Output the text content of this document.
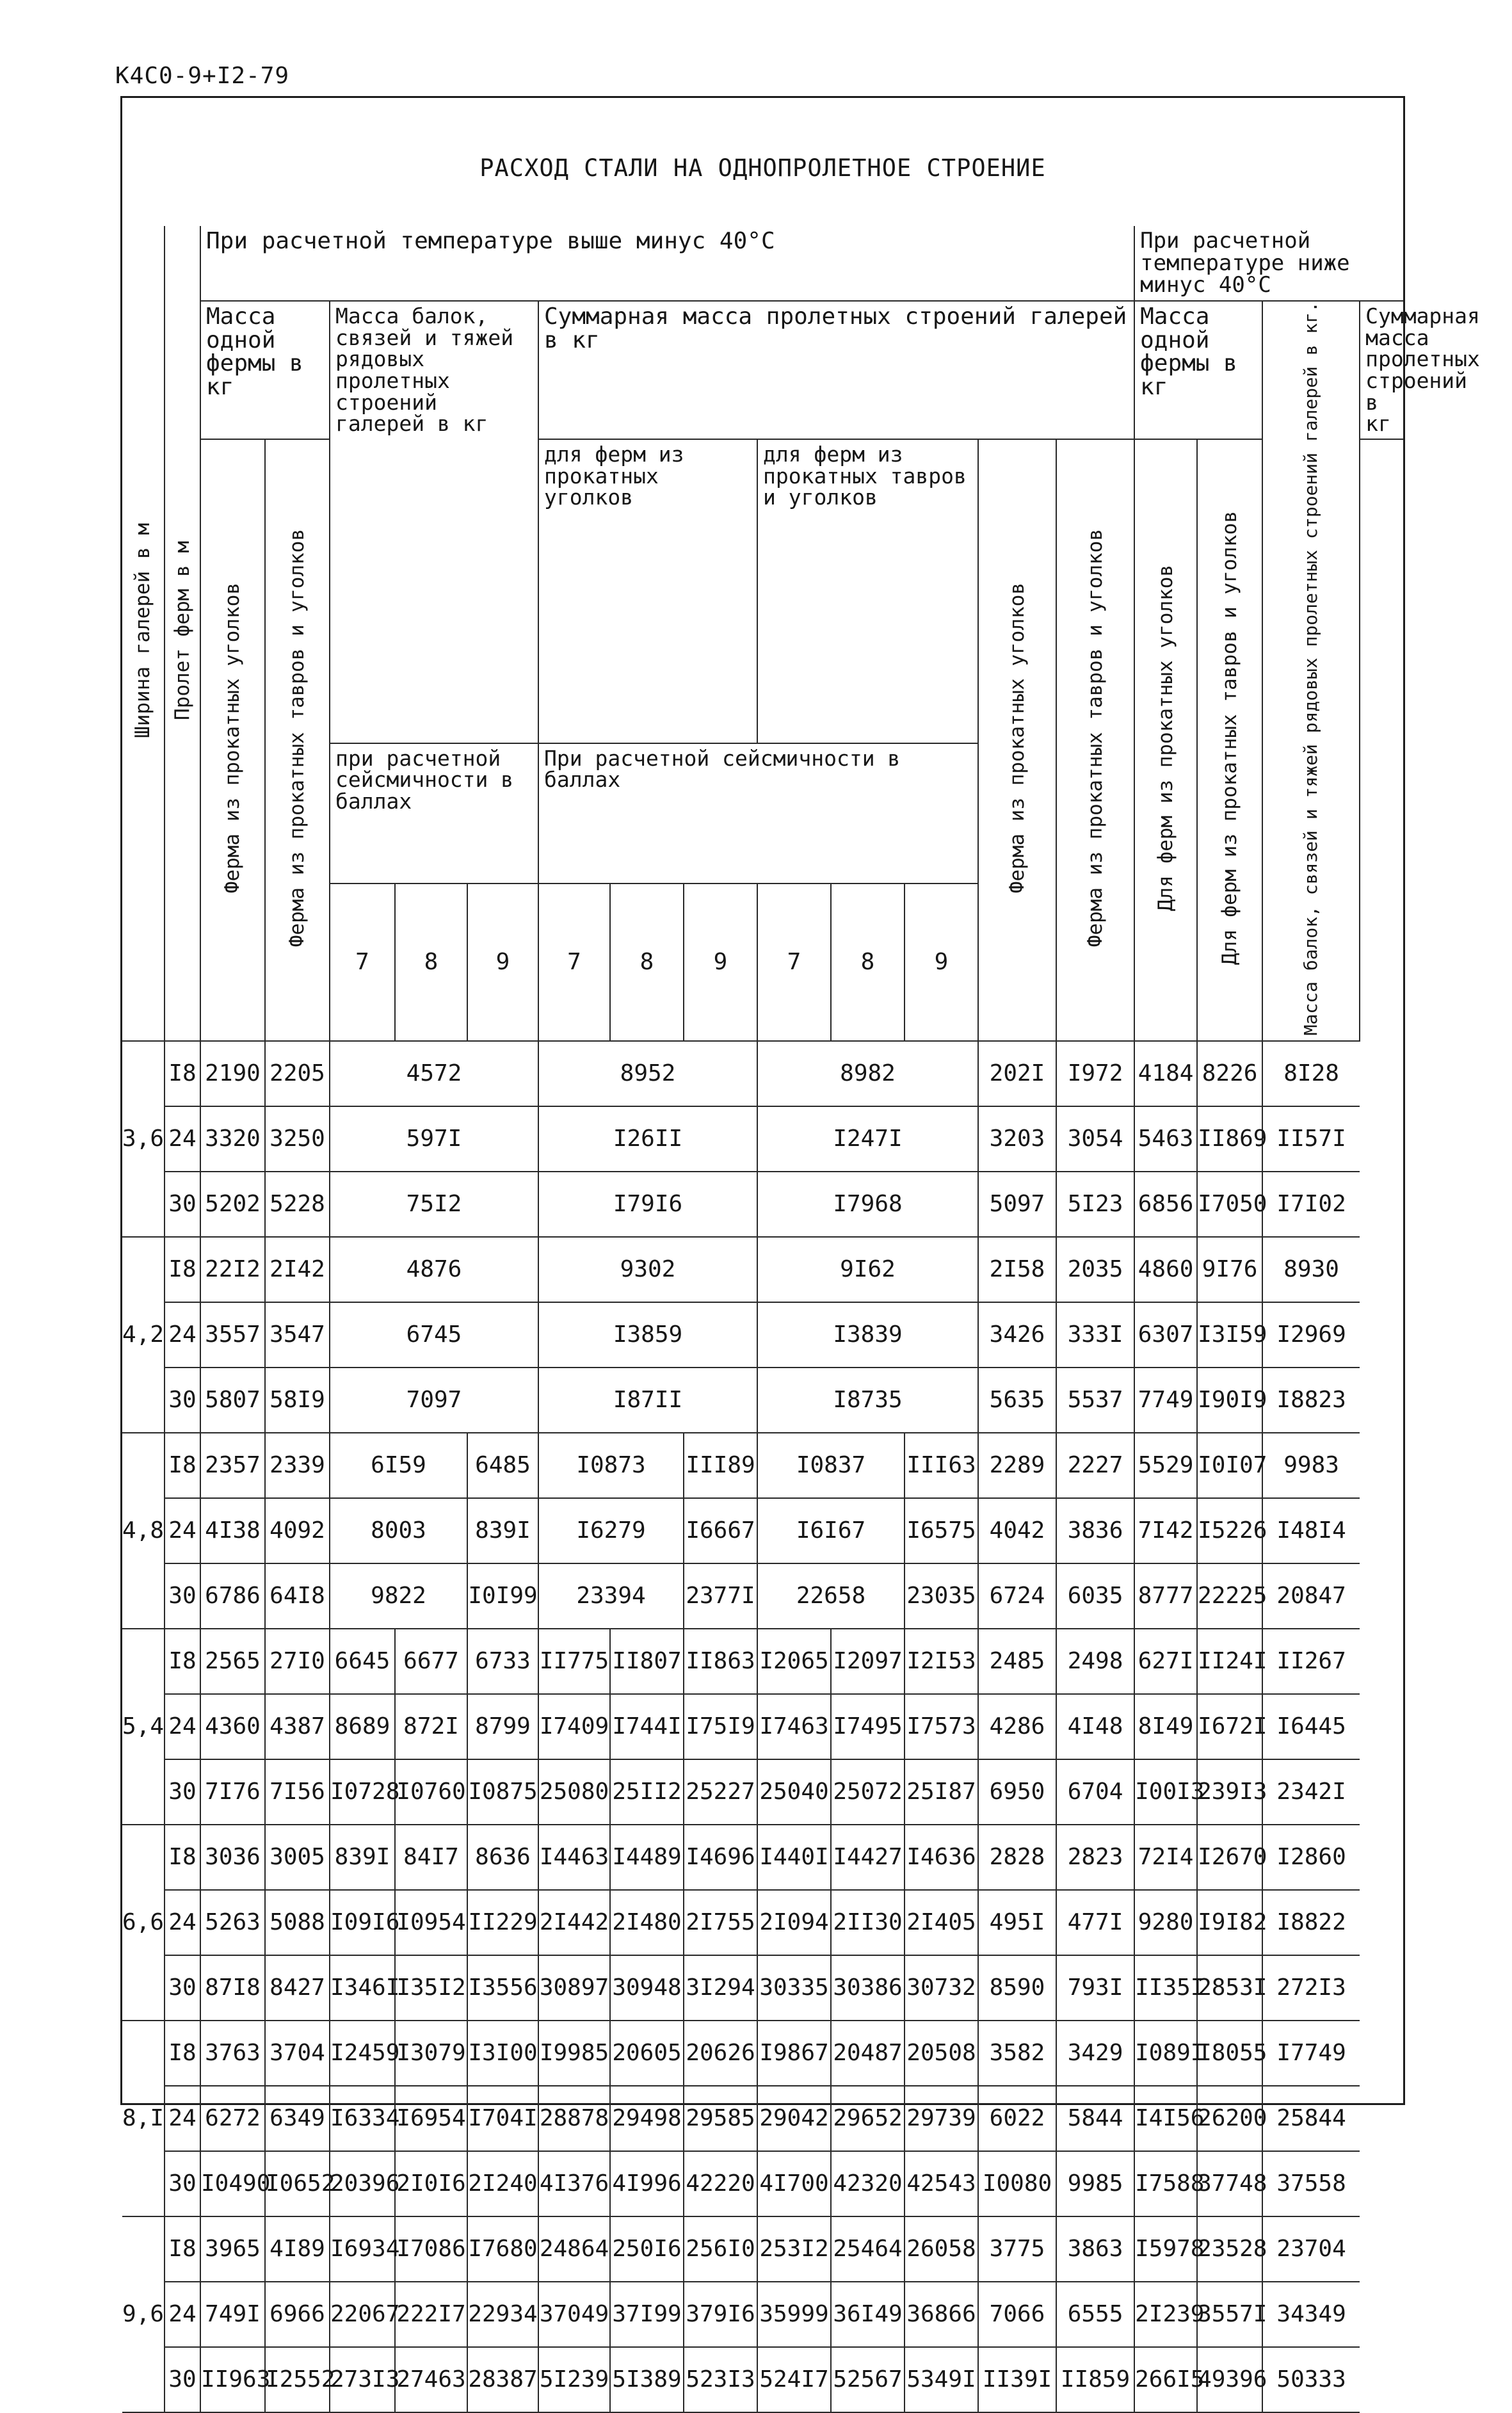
К4С0-9+I2-79
РАСХОД СТАЛИ НА ОДНОПРОЛЕТНОЕ СТРОЕНИЕ
Ширина галерей в м	Пролет ферм в м	При расчетной температуре выше минус 40°С													При расчетной температуре ниже минус 40°С			
		Масса одной фермы в кг		Масса балок, связей и тяжей рядовых пролетных строений галерей в кг			Суммарная масса пролетных строений галерей в кг								Масса одной фермы в кг		Масса балок, связей и тяжей рядовых пролетных строений галерей в кг.	Суммарная масса пролетных строений в кг
		Ферма из прокатных уголков	Ферма из прокатных тавров и уголков				для ферм из прокатных уголков			для ферм из прокатных тавров и уголков			Ферма из прокатных уголков	Ферма из прокатных тавров и уголков	Для ферм из прокатных уголков	Для ферм из прокатных тавров и уголков		
				при расчетной сейсмичности в баллах			При расчетной сейсмичности в баллах											
				7	8	9	7	8	9	7	8	9						
3,6	I8	2190	2205	4572			8952			8982			202I	I972	4184	8226	8I28	
	24	3320	3250	597I			I26II			I247I			3203	3054	5463	II869	II57I	
	30	5202	5228	75I2			I79I6			I7968			5097	5I23	6856	I7050	I7I02	
4,2	I8	22I2	2I42	4876			9302			9I62			2I58	2035	4860	9I76	8930	
	24	3557	3547	6745			I3859			I3839			3426	333I	6307	I3I59	I2969	
	30	5807	58I9	7097			I87II			I8735			5635	5537	7749	I90I9	I8823	
4,8	I8	2357	2339	6I59		6485	I0873		III89	I0837		III63	2289	2227	5529	I0I07	9983	
	24	4I38	4092	8003		839I	I6279		I6667	I6I67		I6575	4042	3836	7I42	I5226	I48I4	
	30	6786	64I8	9822		I0I99	23394		2377I	22658		23035	6724	6035	8777	22225	20847	
5,4	I8	2565	27I0	6645	6677	6733	II775	II807	II863	I2065	I2097	I2I53	2485	2498	627I	II24I	II267	
	24	4360	4387	8689	872I	8799	I7409	I744I	I75I9	I7463	I7495	I7573	4286	4I48	8I49	I672I	I6445	
	30	7I76	7I56	I0728	I0760	I0875	25080	25II2	25227	25040	25072	25I87	6950	6704	I00I3	239I3	2342I	
6,6	I8	3036	3005	839I	84I7	8636	I4463	I4489	I4696	I440I	I4427	I4636	2828	2823	72I4	I2670	I2860	
	24	5263	5088	I09I6	I0954	II229	2I442	2I480	2I755	2I094	2II30	2I405	495I	477I	9280	I9I82	I8822	
	30	87I8	8427	I346I	I35I2	I3556	30897	30948	3I294	30335	30386	30732	8590	793I	II35I	2853I	272I3	
8,I	I8	3763	3704	I2459	I3079	I3I00	I9985	20605	20626	I9867	20487	20508	3582	3429	I089I	I8055	I7749	
	24	6272	6349	I6334	I6954	I704I	28878	29498	29585	29042	29652	29739	6022	5844	I4I56	26200	25844	
	30	I0490	I0652	20396	2I0I6	2I240	4I376	4I996	42220	4I700	42320	42543	I0080	9985	I7588	37748	37558	
9,6	I8	3965	4I89	I6934	I7086	I7680	24864	250I6	256I0	253I2	25464	26058	3775	3863	I5978	23528	23704	
	24	749I	6966	22067	222I7	22934	37049	37I99	379I6	35999	36I49	36866	7066	6555	2I239	3557I	34349	
	30	II963	I2552	273I3	27463	28387	5I239	5I389	523I3	524I7	52567	5349I	II39I	II859	266I5	49396	50333	
